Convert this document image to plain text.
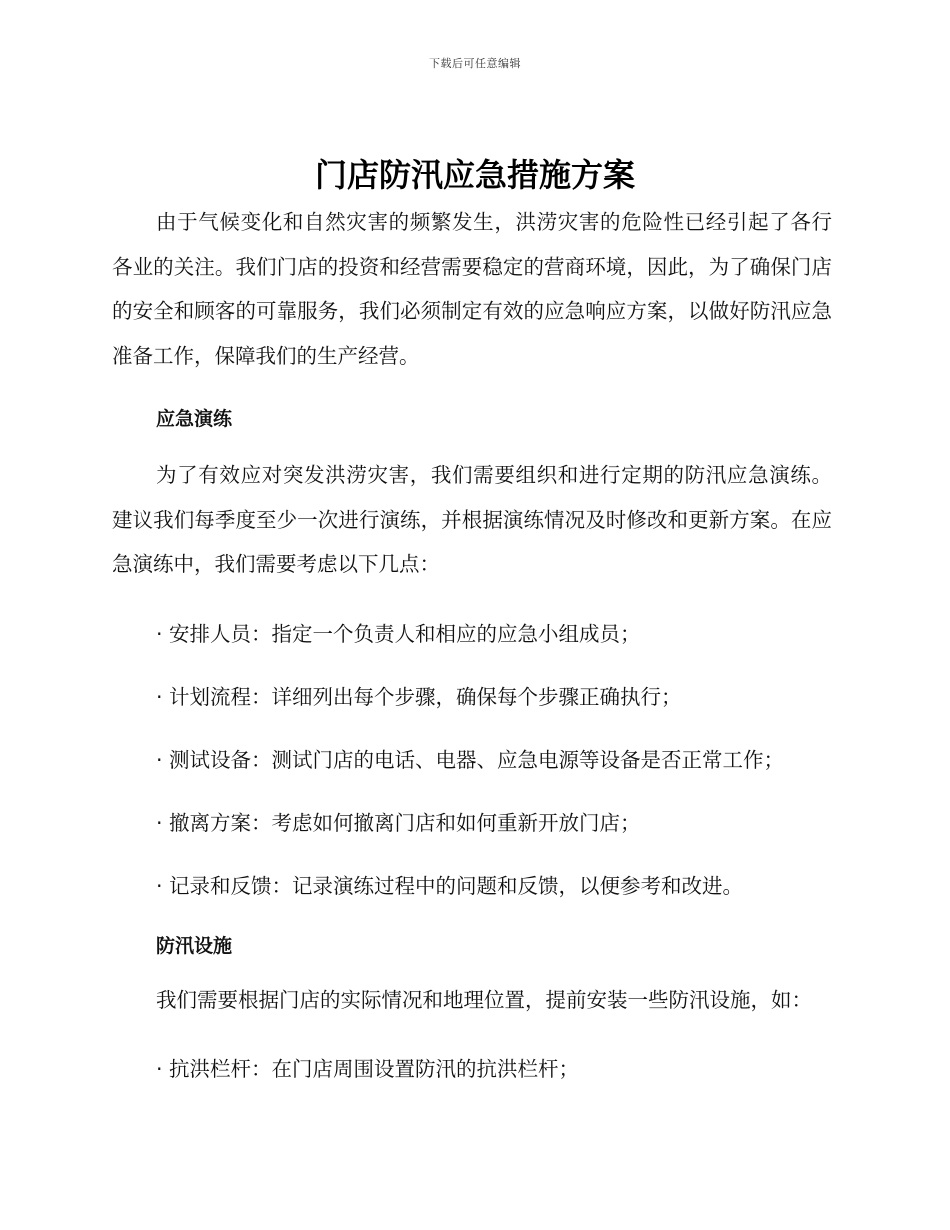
下载后可任意编辑
门店防汛应急措施方案

由于气候变化和自然灾害的频繁发生，洪涝灾害的危险性已经引起了各行各业的关注。我们门店的投资和经营需要稳定的营商环境，因此，为了确保门店的安全和顾客的可靠服务，我们必须制定有效的应急响应方案，以做好防汛应急准备工作，保障我们的生产经营。

应急演练

为了有效应对突发洪涝灾害，我们需要组织和进行定期的防汛应急演练。建议我们每季度至少一次进行演练，并根据演练情况及时修改和更新方案。在应急演练中，我们需要考虑以下几点：

· 安排人员：指定一个负责人和相应的应急小组成员；
· 计划流程：详细列出每个步骤，确保每个步骤正确执行；
· 测试设备：测试门店的电话、电器、应急电源等设备是否正常工作；
· 撤离方案：考虑如何撤离门店和如何重新开放门店；
· 记录和反馈：记录演练过程中的问题和反馈，以便参考和改进。
防汛设施

我们需要根据门店的实际情况和地理位置，提前安装一些防汛设施，如：

· 抗洪栏杆：在门店周围设置防汛的抗洪栏杆；
